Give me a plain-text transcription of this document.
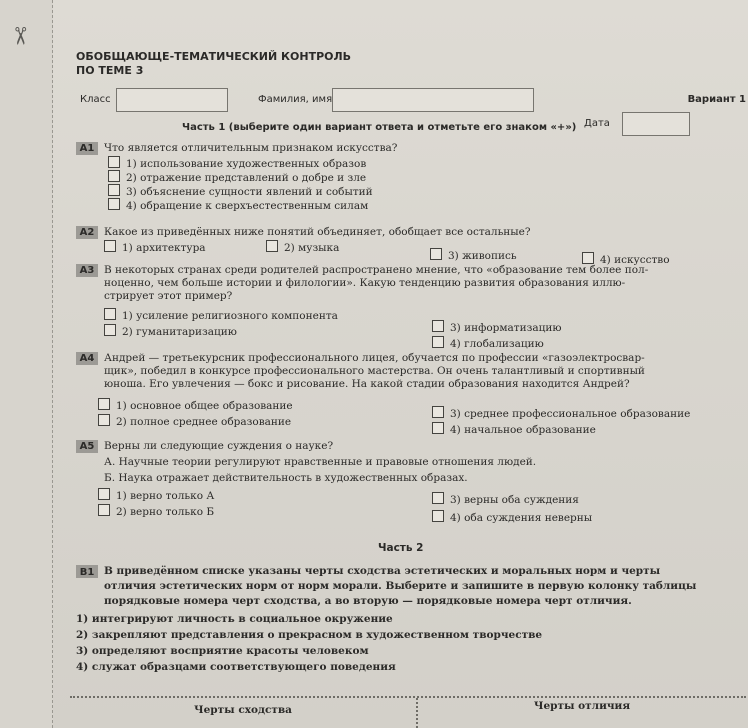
✂
ОБОБЩАЮЩЕ-ТЕМАТИЧЕСКИЙ КОНТРОЛЬ
ПО ТЕМЕ 3
Класс	Фамилия, имя	Вариант 1
Дата
Часть 1 (выберите один вариант ответа и отметьте его знаком «+»)
А1 Что является отличительным признаком искусства?
1) использование художественных образов
2) отражение представлений о добре и зле
3) объяснение сущности явлений и событий
4) обращение к сверхъестественным силам
А2 Какое из приведённых ниже понятий объединяет, обобщает все остальные?
1) архитектура	2) музыка
3) живопись	4) искусство
А3 В некоторых странах среди родителей распространено мнение, что «образование тем более пол-
ноценно, чем больше истории и филологии». Какую тенденцию развития образования иллю-
стрирует этот пример?
1) усиление религиозного компонента
2) гуманитаризацию	3) информатизацию
4) глобализацию
А4 Андрей — третьекурсник профессионального лицея, обучается по профессии «газоэлектросвар-
щик», победил в конкурсе профессионального мастерства. Он очень талантливый и спортивный
юноша. Его увлечения — бокс и рисование. На какой стадии образования находится Андрей?
1) основное общее образование
2) полное среднее образование
3) среднее профессиональное образование
4) начальное образование
А5 Верны ли следующие суждения о науке?
А. Научные теории регулируют нравственные и правовые отношения людей.
Б. Наука отражает действительность в художественных образах.
1) верно только А
2) верно только Б
3) верны оба суждения
4) оба суждения неверны
Часть 2
В1 В приведённом списке указаны черты сходства эстетических и моральных норм и черты
отличия эстетических норм от норм морали. Выберите и запишите в первую колонку таблицы
порядковые номера черт сходства, а во вторую — порядковые номера черт отличия.
1) интегрируют личность в социальное окружение
2) закрепляют представления о прекрасном в художественном творчестве
3) определяют восприятие красоты человеком
4) служат образцами соответствующего поведения
Черты сходства	Черты отличия
